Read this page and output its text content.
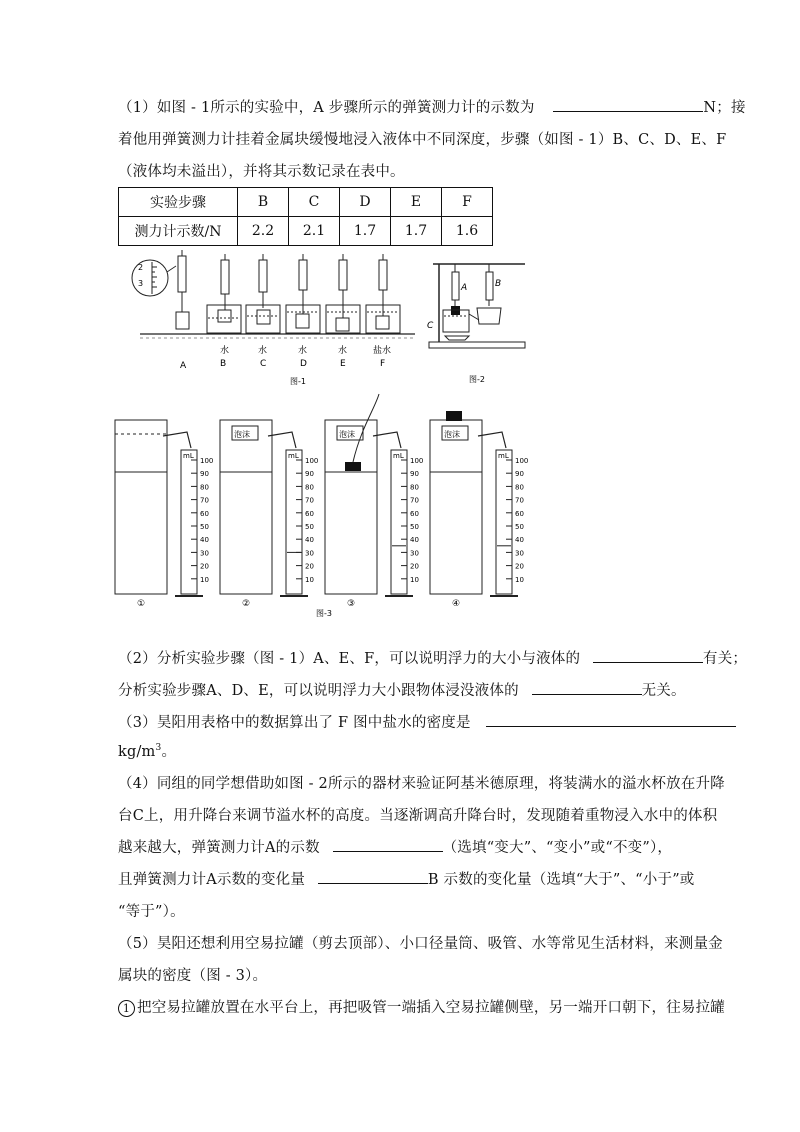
（1）如图 - 1所示的实验中，A 步骤所示的弹簧测力计的示数为	N；接
着他用弹簧测力计挂着金属块缓慢地浸入液体中不同深度，步骤（如图 - 1）B、C、D、E、F
（液体均未溢出），并将其示数记录在表中。
实验步骤	B	C	D	E	F
测力计示数/N	2.2	2.1	1.7	1.7	1.6
2
3
水	水	水	水	盐水
A	B	C	D	E	F
图-1
A	B
C
图-2
mL
100
90
80
70
60
50
40
30
20
10
①
泡沫
mL
100
90
80
70
60
50
40
30
20
10
②
泡沫
mL
100
90
80
70
60
50
40
30
20
10
③
泡沫
mL
100
90
80
70
60
50
40
30
20
10
④
图-3
（2）分析实验步骤（图 - 1）A、E、F，可以说明浮力的大小与液体的	有关；
分析实验步骤A、D、E，可以说明浮力大小跟物体浸没液体的	无关。
（3）昊阳用表格中的数据算出了 F 图中盐水的密度是
$kg/m^3$。
（4）同组的同学想借助如图 - 2所示的器材来验证阿基米德原理，将装满水的溢水杯放在升降
台C上，用升降台来调节溢水杯的高度。当逐渐调高升降台时，发现随着重物浸入水中的体积
越来越大，弹簧测力计A的示数	（选填“变大”、“变小”或“不变”），
且弹簧测力计A示数的变化量	B 示数的变化量（选填“大于”、“小于”或
“等于”）。
（5）昊阳还想利用空易拉罐（剪去顶部）、小口径量筒、吸管、水等常见生活材料，来测量金
属块的密度（图 - 3）。
1 把空易拉罐放置在水平台上，再把吸管一端插入空易拉罐侧壁，另一端开口朝下，往易拉罐
